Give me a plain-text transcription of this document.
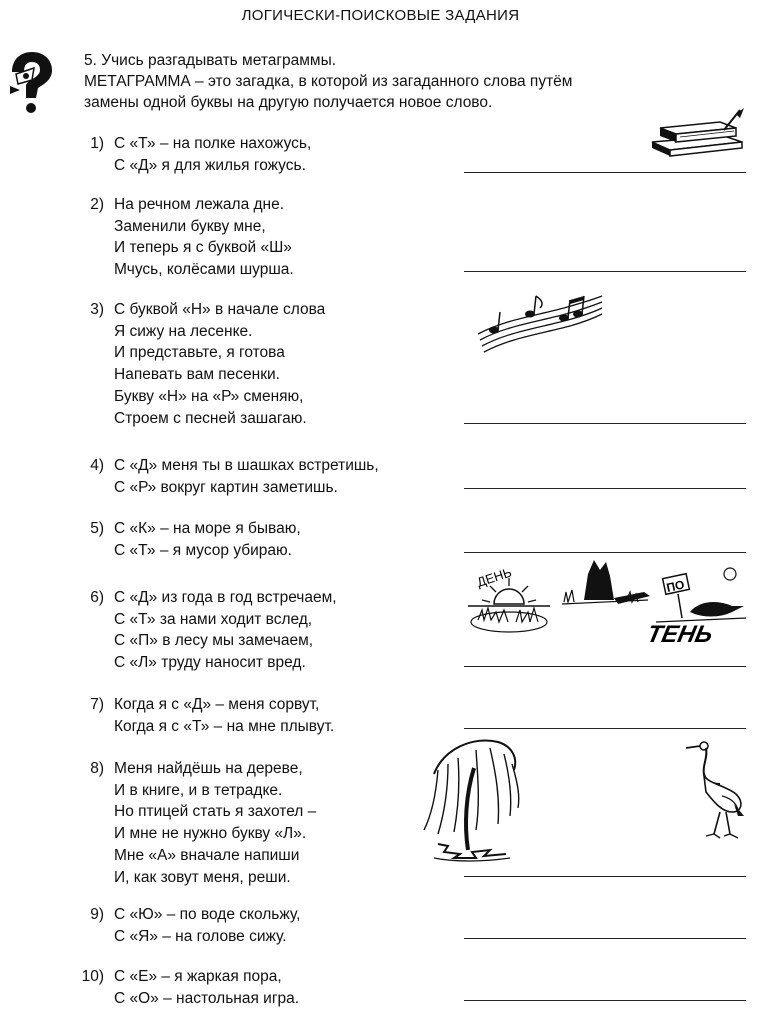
ЛОГИЧЕСКИ-ПОИСКОВЫЕ ЗАДАНИЯ
5. Учись разгадывать метаграммы.
МЕТАГРАММА – это загадка, в которой из загаданного слова путём
замены одной буквы на другую получается новое слово.
1) С «Т» – на полке нахожусь,
С «Д» я для жилья гожусь.
2) На речном лежала дне.
Заменили букву мне,
И теперь я с буквой «Ш»
Мчусь, колёсами шурша.
3) С буквой «Н» в начале слова
Я сижу на лесенке.
И представьте, я готова
Напевать вам песенки.
Букву «Н» на «Р» сменяю,
Строем с песней зашагаю.
4) С «Д» меня ты в шашках встретишь,
С «Р» вокруг картин заметишь.
5) С «К» – на море я бываю,
С «Т» – я мусор убираю.
6) С «Д» из года в год встречаем,
С «Т» за нами ходит вслед,
С «П» в лесу мы замечаем,
С «Л» труду наносит вред.
7) Когда я с «Д» – меня сорвут,
Когда я с «Т» – на мне плывут.
8) Меня найдёшь на дереве,
И в книге, и в тетрадке.
Но птицей стать я захотел –
И мне не нужно букву «Л».
Мне «А» вначале напиши
И, как зовут меня, реши.
9) С «Ю» – по воде скольжу,
С «Я» – на голове сижу.
10) С «Е» – я жаркая пора,
С «О» – настольная игра.
ДЕНЬ	ПО
ТЕНЬ
